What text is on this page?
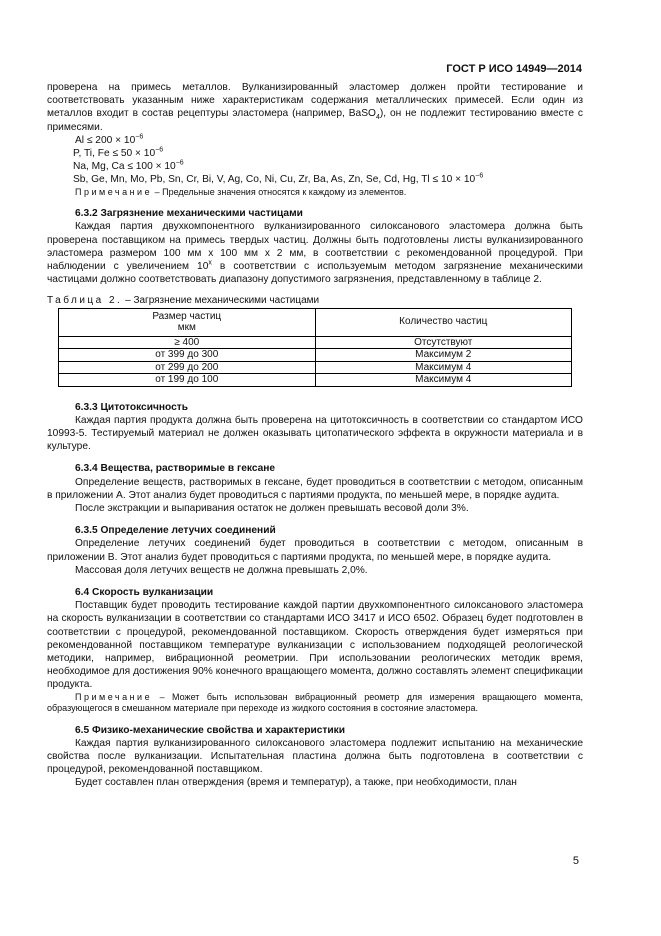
ГОСТ Р ИСО 14949—2014

проверена на примесь металлов. Вулканизированный эластомер должен пройти тестирование и соответствовать указанным ниже характеристикам содержания металлических примесей. Если один из металлов входит в состав рецептуры эластомера (например, BaSO$_4$), он не подлежит тестированию вместе с примесями.

$Al \le 200 \times 10^{-6}$

P, Ti, $Fe \le 50 \times 10^{-6}$

Na, Mg, $Ca \le 100 \times 10^{-6}$

Sb, Ge, Mn, Mo, Pb, Sn, Cr, Bi, V, Ag, Co, Ni, Cu, Zr, Ba, As, Zn, Se, Cd, Hg, $Tl \le 10 \times 10^{-6}$

Примечание – Предельные значения относятся к каждому из элементов.

6.3.2 Загрязнение механическими частицами

Каждая партия двухкомпонентного вулканизированного силоксанового эластомера должна быть проверена поставщиком на примесь твердых частиц. Должны быть подготовлены листы вулканизированного эластомера размером 100 мм х 100 мм х 2 мм, в соответствии с рекомендованной процедурой. При наблюдении с увеличением $10^х$ в соответствии с используемым методом загрязнение механическими частицами должно соответствовать диапазону допустимого загрязнения, представленному в таблице 2.

Таблица 2. – Загрязнение механическими частицами

Размер частиц
мкм	Количество частиц
≥ 400	Отсутствуют
от 399 до 300	Максимум 2
от 299 до 200	Максимум 4
от 199 до 100	Максимум 4

6.3.3 Цитотоксичность

Каждая партия продукта должна быть проверена на цитотоксичность в соответствии со стандартом ИСО 10993-5. Тестируемый материал не должен оказывать цитопатического эффекта в окружности материала и в культуре.

6.3.4 Вещества, растворимые в гексане

Определение веществ, растворимых в гексане, будет проводиться в соответствии с методом, описанным в приложении А. Этот анализ будет проводиться с партиями продукта, по меньшей мере, в порядке аудита.

После экстракции и выпаривания остаток не должен превышать весовой доли 3%.

6.3.5 Определение летучих соединений

Определение летучих соединений будет проводиться в соответствии с методом, описанным в приложении В. Этот анализ будет проводиться с партиями продукта, по меньшей мере, в порядке аудита.

Массовая доля летучих веществ не должна превышать 2,0%.

6.4 Скорость вулканизации

Поставщик будет проводить тестирование каждой партии двухкомпонентного силоксанового эластомера на скорость вулканизации в соответствии со стандартами ИСО 3417 и ИСО 6502. Образец будет подготовлен в соответствии с процедурой, рекомендованной поставщиком. Скорость отверждения будет измеряться при рекомендованной поставщиком температуре вулканизации с использованием подходящей реологической методики, например, вибрационной реометрии. При использовании реологических методик время, необходимое для достижения 90% конечного вращающего момента, должно составлять элемент спецификации продукта.

Примечание – Может быть использован вибрационный реометр для измерения вращающего момента, образующегося в смешанном материале при переходе из жидкого состояния в состояние эластомера.

6.5 Физико-механические свойства и характеристики

Каждая партия вулканизированного силоксанового эластомера подлежит испытанию на механические свойства после вулканизации. Испытательная пластина должна быть подготовлена в соответствии с процедурой, рекомендованной поставщиком.

Будет составлен план отверждения (время и температур), а также, при необходимости, план

5
